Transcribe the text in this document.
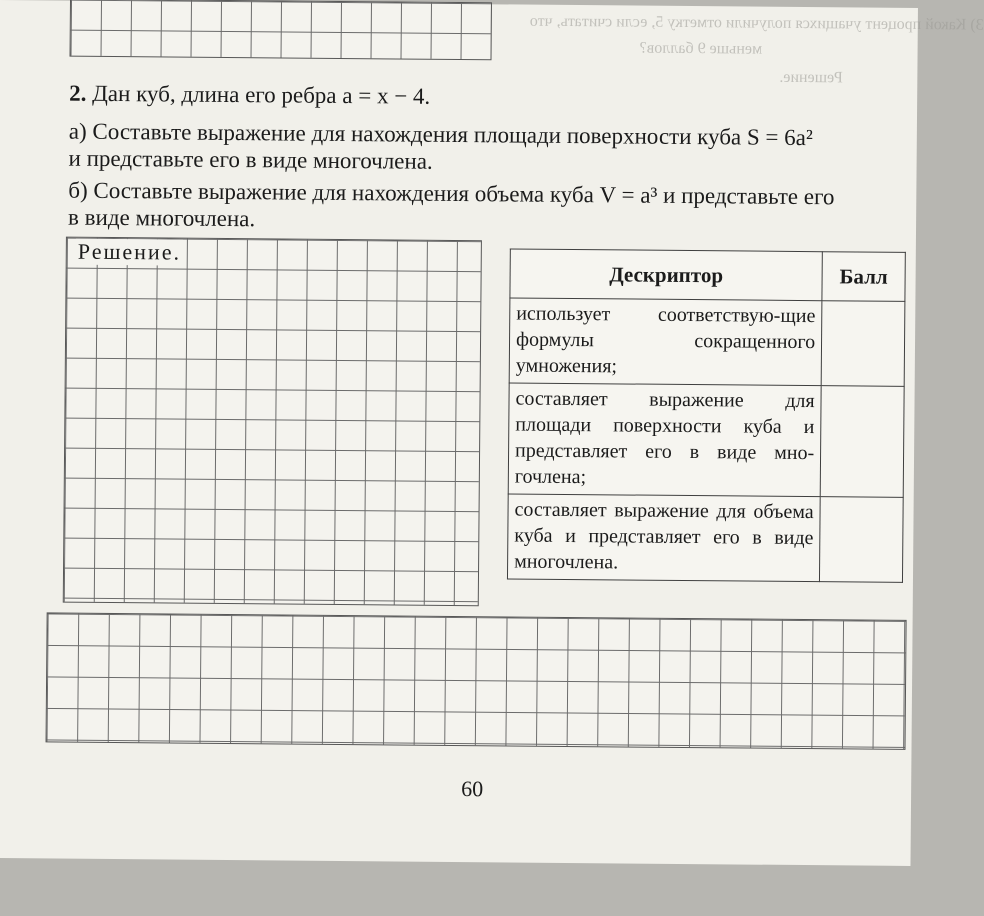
3) Какой процент учащихся получили отметку 5, если считать, что
меньше 9 баллов?
Решение.
2. Дан куб, длина его ребра a = x − 4.
а) Составьте выражение для нахождения площади поверхности куба S = 6a²
и представьте его в виде многочлена.
б) Составьте выражение для нахождения объема куба V = a³ и представьте его
в виде многочлена.
Решение.
Дескриптор	Балл
использует соответствую-щие формулы сокращенного умножения;	
составляет выражение для площади поверхности куба и представляет его в виде мно-гочлена;	
составляет выражение для объема куба и представляет его в виде многочлена.	
60
